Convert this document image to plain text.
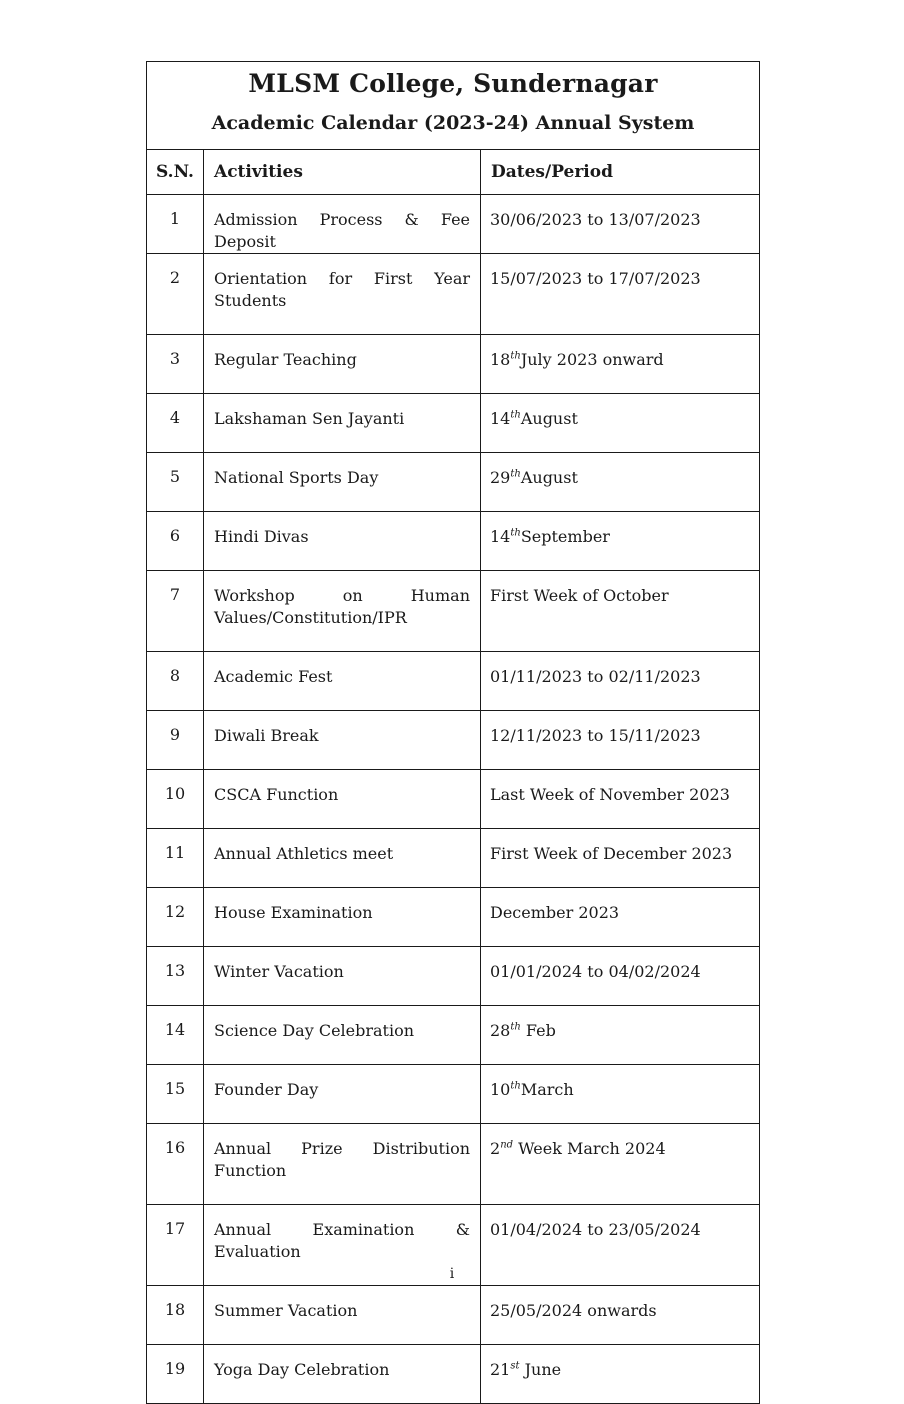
MLSM College, Sundernagar
Academic Calendar (2023-24) Annual System		

S.N.	Activities	Dates/Period
1	Admission Process & Fee Deposit	30/06/2023 to 13/07/2023
2	Orientation for First Year Students	15/07/2023 to 17/07/2023
3	Regular Teaching	18thJuly 2023 onward
4	Lakshaman Sen Jayanti	14thAugust
5	National Sports Day	29thAugust
6	Hindi Divas	14thSeptember
7	Workshop on Human Values/Constitution/IPR	First Week of October
8	Academic Fest	01/11/2023 to 02/11/2023
9	Diwali Break	12/11/2023 to 15/11/2023
10	CSCA Function	Last Week of November 2023
11	Annual Athletics meet	First Week of December 2023
12	House Examination	December 2023
13	Winter Vacation	01/01/2024 to 04/02/2024
14	Science Day Celebration	28th Feb
15	Founder Day	10thMarch
16	Annual Prize Distribution Function	2nd Week March 2024
17	Annual Examination & Evaluation	01/04/2024 to 23/05/2024
18	Summer Vacation	25/05/2024 onwards
19	Yoga Day Celebration	21st June
i
